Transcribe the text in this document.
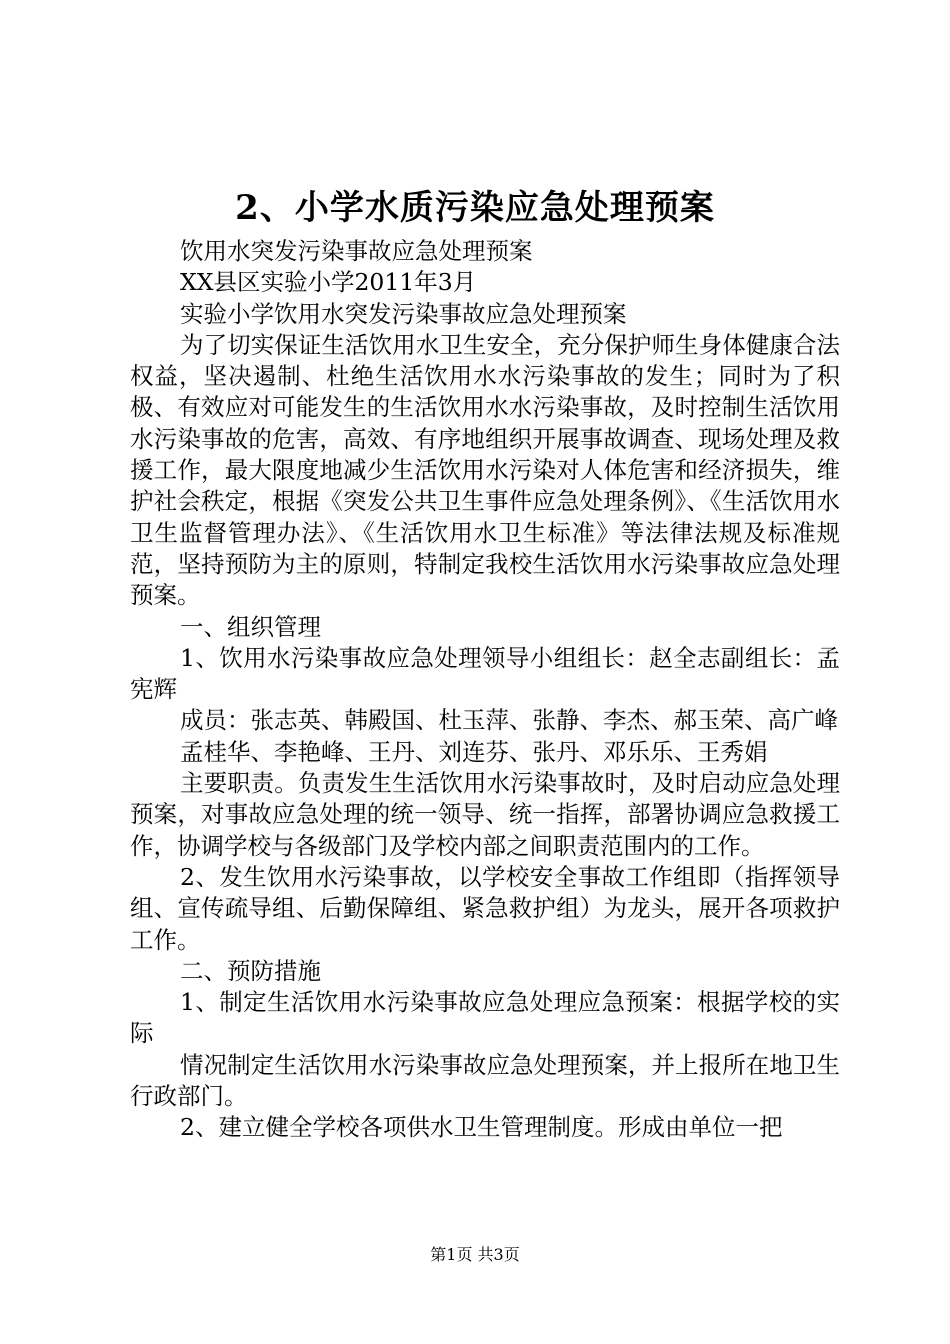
2、小学水质污染应急处理预案

饮用水突发污染事故应急处理预案

XX县区实验小学2011年3月

实验小学饮用水突发污染事故应急处理预案

为了切实保证生活饮用水卫生安全，充分保护师生身体健康合法权益，坚决遏制、杜绝生活饮用水水污染事故的发生；同时为了积极、有效应对可能发生的生活饮用水水污染事故，及时控制生活饮用水污染事故的危害，高效、有序地组织开展事故调查、现场处理及救援工作，最大限度地减少生活饮用水污染对人体危害和经济损失，维护社会秩定，根据《突发公共卫生事件应急处理条例》、《生活饮用水卫生监督管理办法》、《生活饮用水卫生标准》等法律法规及标准规范，坚持预防为主的原则，特制定我校生活饮用水污染事故应急处理预案。

一、组织管理

1、饮用水污染事故应急处理领导小组组长：赵全志副组长：孟宪辉

成员：张志英、韩殿国、杜玉萍、张静、李杰、郝玉荣、高广峰

孟桂华、李艳峰、王丹、刘连芬、张丹、邓乐乐、王秀娟

主要职责。负责发生生活饮用水污染事故时，及时启动应急处理预案，对事故应急处理的统一领导、统一指挥，部署协调应急救援工作，协调学校与各级部门及学校内部之间职责范围内的工作。

2、发生饮用水污染事故，以学校安全事故工作组即（指挥领导组、宣传疏导组、后勤保障组、紧急救护组）为龙头，展开各项救护工作。

二、预防措施

1、制定生活饮用水污染事故应急处理应急预案：根据学校的实际

情况制定生活饮用水污染事故应急处理预案，并上报所在地卫生行政部门。

2、建立健全学校各项供水卫生管理制度。形成由单位一把

第1页 共3页
